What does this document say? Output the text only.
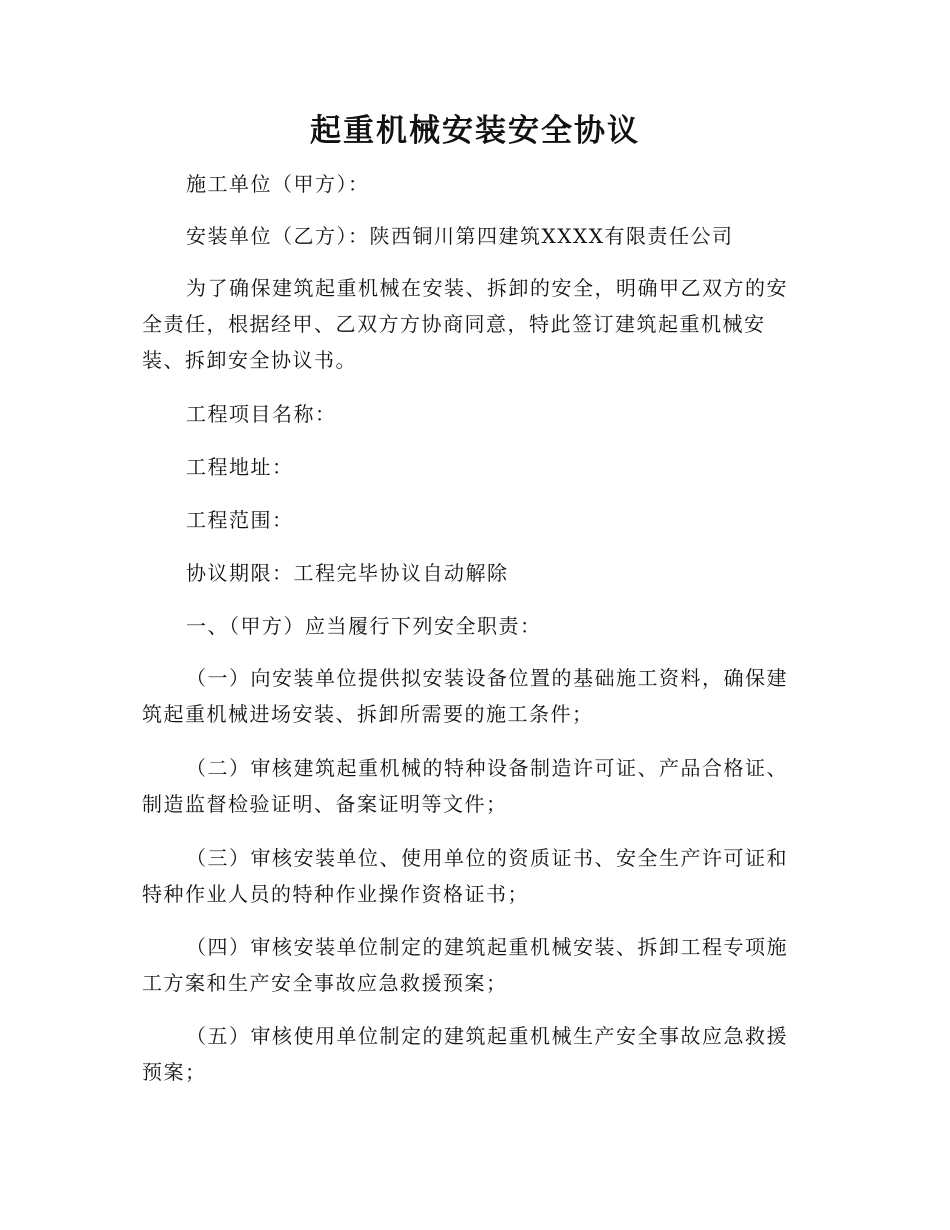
起重机械安装安全协议

施工单位（甲方）：

安装单位（乙方）：陕西铜川第四建筑XXXX有限责任公司

为了确保建筑起重机械在安装、拆卸的安全，明确甲乙双方的安全责任，根据经甲、乙双方方协商同意，特此签订建筑起重机械安装、拆卸安全协议书。

工程项目名称：

工程地址：

工程范围：

协议期限：工程完毕协议自动解除

一、（甲方）应当履行下列安全职责：

（一）向安装单位提供拟安装设备位置的基础施工资料，确保建筑起重机械进场安装、拆卸所需要的施工条件；

（二）审核建筑起重机械的特种设备制造许可证、产品合格证、制造监督检验证明、备案证明等文件；

（三）审核安装单位、使用单位的资质证书、安全生产许可证和特种作业人员的特种作业操作资格证书；

（四）审核安装单位制定的建筑起重机械安装、拆卸工程专项施工方案和生产安全事故应急救援预案；

（五）审核使用单位制定的建筑起重机械生产安全事故应急救援预案；
